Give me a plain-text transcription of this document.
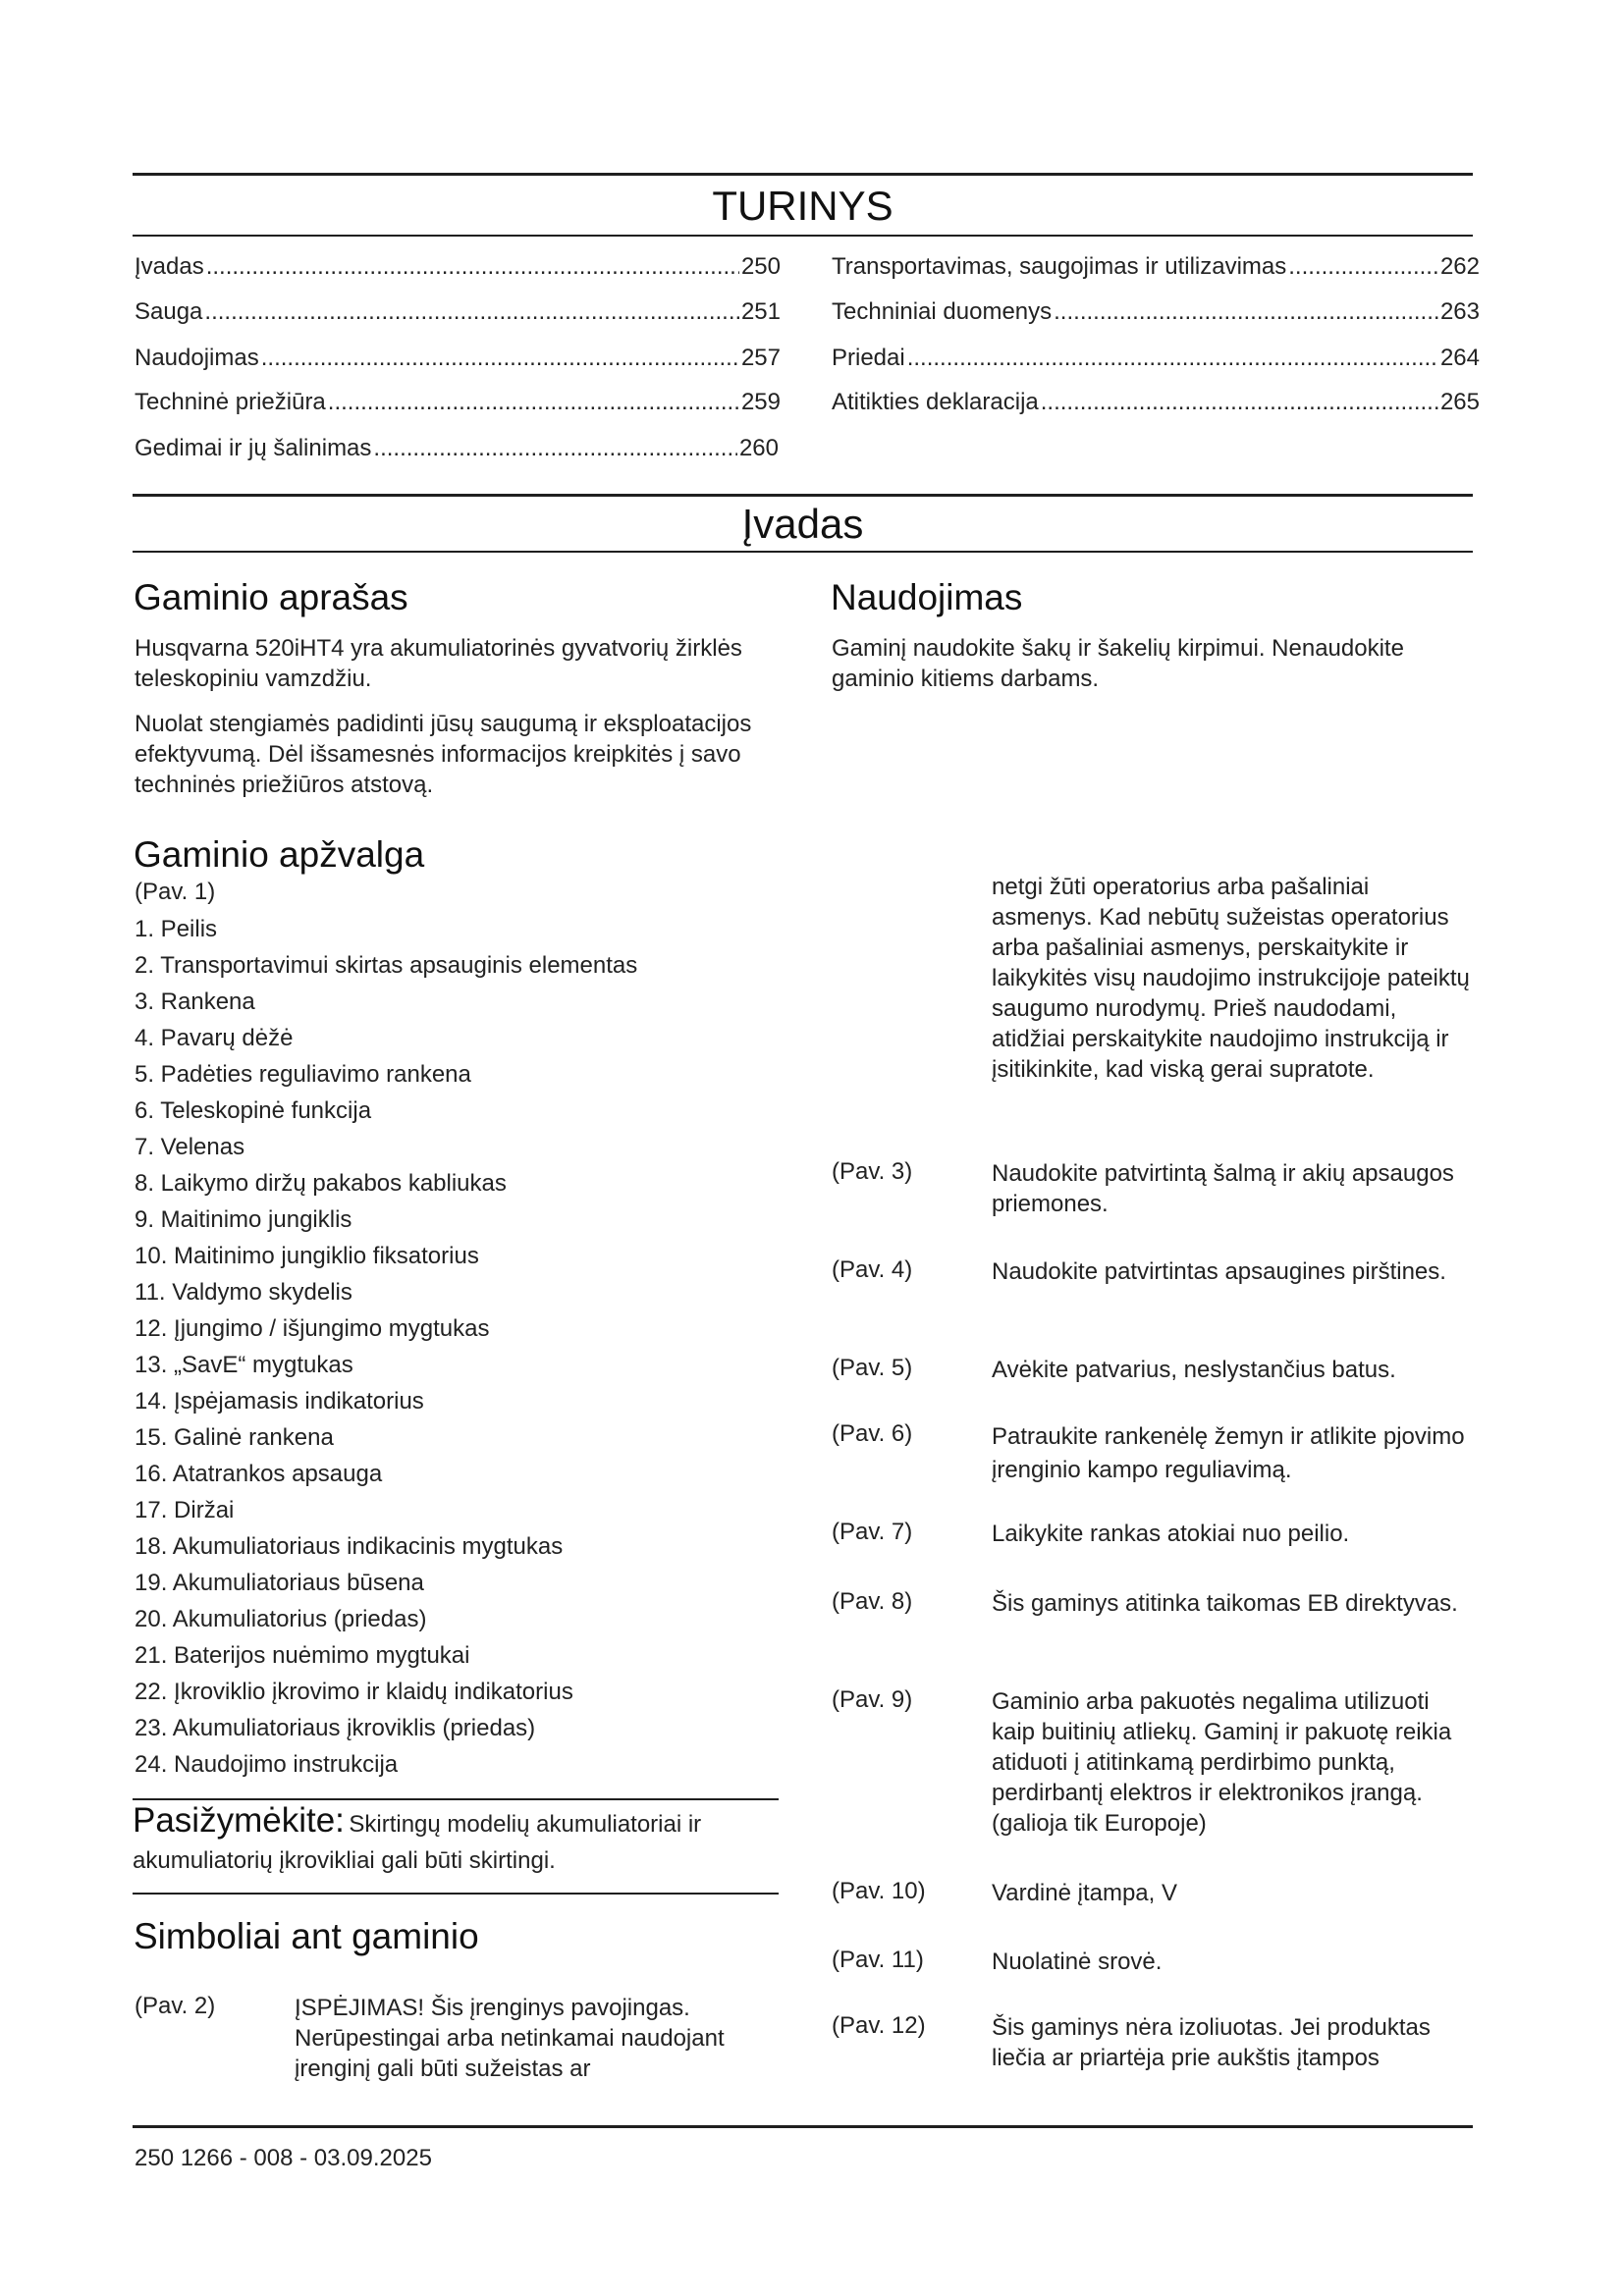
TURINYS
Įvadas .....	250
Sauga .....	251
Naudojimas .....	257
Techninė priežiūra .....	259
Gedimai ir jų šalinimas .....	260
Transportavimas, saugojimas ir utilizavimas .....	262
Techniniai duomenys .....	263
Priedai .....	264
Atitikties deklaracija .....	265
Įvadas
Gaminio aprašas

Husqvarna 520iHT4 yra akumuliatorinės gyvatvorių žirklės teleskopiniu vamzdžiu.

Nuolat stengiamės padidinti jūsų saugumą ir eksploatacijos efektyvumą. Dėl išsamesnės informacijos kreipkitės į savo techninės priežiūros atstovą.

Naudojimas

Gaminį naudokite šakų ir šakelių kirpimui. Nenaudokite gaminio kitiems darbams.

Gaminio apžvalga
(Pav. 1)
1. Peilis
2. Transportavimui skirtas apsauginis elementas
3. Rankena
4. Pavarų dėžė
5. Padėties reguliavimo rankena
6. Teleskopinė funkcija
7. Velenas
8. Laikymo diržų pakabos kabliukas
9. Maitinimo jungiklis
10. Maitinimo jungiklio fiksatorius
11. Valdymo skydelis
12. Įjungimo / išjungimo mygtukas
13. „SavE“ mygtukas
14. Įspėjamasis indikatorius
15. Galinė rankena
16. Atatrankos apsauga
17. Diržai
18. Akumuliatoriaus indikacinis mygtukas
19. Akumuliatoriaus būsena
20. Akumuliatorius (priedas)
21. Baterijos nuėmimo mygtukai
22. Įkroviklio įkrovimo ir klaidų indikatorius
23. Akumuliatoriaus įkroviklis (priedas)
24. Naudojimo instrukcija
Pasižymėkite: Skirtingų modelių akumuliatoriai ir akumuliatorių įkrovikliai gali būti skirtingi.
Simboliai ant gaminio
(Pav. 2)	ĮSPĖJIMAS! Šis įrenginys pavojingas. Nerūpestingai arba netinkamai naudojant įrenginį gali būti sužeistas ar
netgi žūti operatorius arba pašaliniai asmenys. Kad nebūtų sužeistas operatorius arba pašaliniai asmenys, perskaitykite ir laikykitės visų naudojimo instrukcijoje pateiktų saugumo nurodymų. Prieš naudodami, atidžiai perskaitykite naudojimo instrukciją ir įsitikinkite, kad viską gerai supratote.
(Pav. 3)	Naudokite patvirtintą šalmą ir akių apsaugos priemones.
(Pav. 4)	Naudokite patvirtintas apsaugines pirštines.
(Pav. 5)	Avėkite patvarius, neslystančius batus.
(Pav. 6)	Patraukite rankenėlę žemyn ir atlikite pjovimo įrenginio kampo reguliavimą.
(Pav. 7)	Laikykite rankas atokiai nuo peilio.
(Pav. 8)	Šis gaminys atitinka taikomas EB direktyvas.
(Pav. 9)	Gaminio arba pakuotės negalima utilizuoti kaip buitinių atliekų. Gaminį ir pakuotę reikia atiduoti į atitinkamą perdirbimo punktą, perdirbantį elektros ir elektronikos įrangą. (galioja tik Europoje)
(Pav. 10)	Vardinė įtampa, V
(Pav. 11)	Nuolatinė srovė.
(Pav. 12)	Šis gaminys nėra izoliuotas. Jei produktas liečia ar priartėja prie aukštis įtampos
250 1266 - 008 - 03.09.2025
